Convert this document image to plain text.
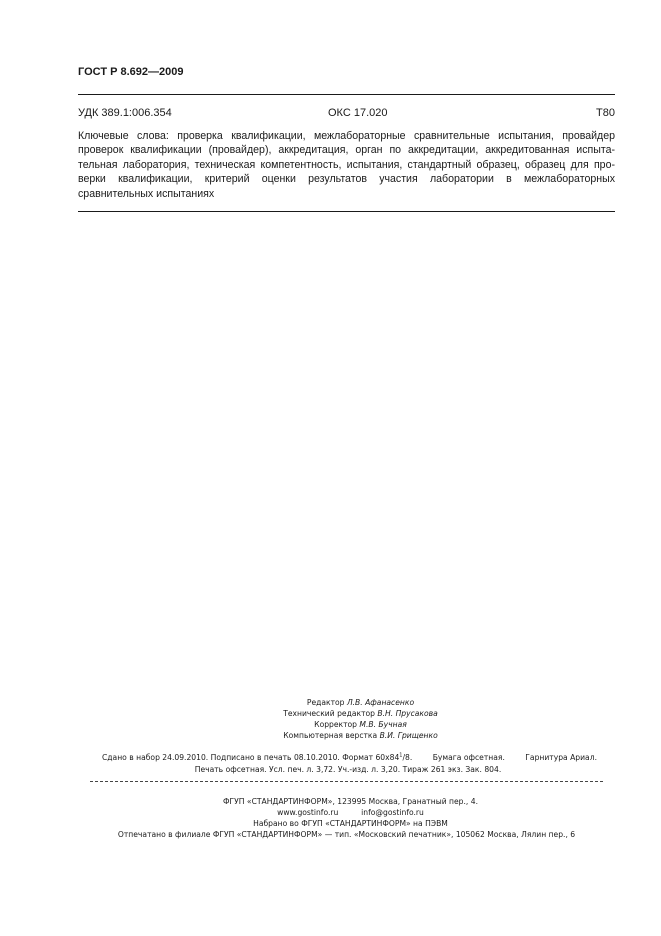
ГОСТ Р 8.692—2009
УДК 389.1:006.354	ОКС 17.020	Т80

Ключевые слова: проверка квалификации, межлабораторные сравнительные испытания, провайдер
проверок квалификации (провайдер), аккредитация, орган по аккредитации, аккредитованная испыта-
тельная лаборатория, техническая компетентность, испытания, стандартный образец, образец для про-
верки квалификации, критерий оценки результатов участия лаборатории в межлабораторных
сравнительных испытаниях

Редактор Л.В. Афанасенко
Технический редактор В.Н. Прусакова
Корректор М.В. Бучная
Компьютерная верстка В.И. Грищенко
Сдано в набор 24.09.2010. Подписано в печать 08.10.2010. Формат $60x84^1/8$.	Бумага офсетная.	Гарнитура Ариал.
Печать офсетная. Усл. печ. л. 3,72. Уч.-изд. л. 3,20. Тираж 261 экз. Зак. 804.
ФГУП «СТАНДАРТИНФОРМ», 123995 Москва, Гранатный пер., 4.
www.gostinfo.ru	info@gostinfo.ru
Набрано во ФГУП «СТАНДАРТИНФОРМ» на ПЭВМ
Отпечатано в филиале ФГУП «СТАНДАРТИНФОРМ» — тип. «Московский печатник», 105062 Москва, Лялин пер., 6
